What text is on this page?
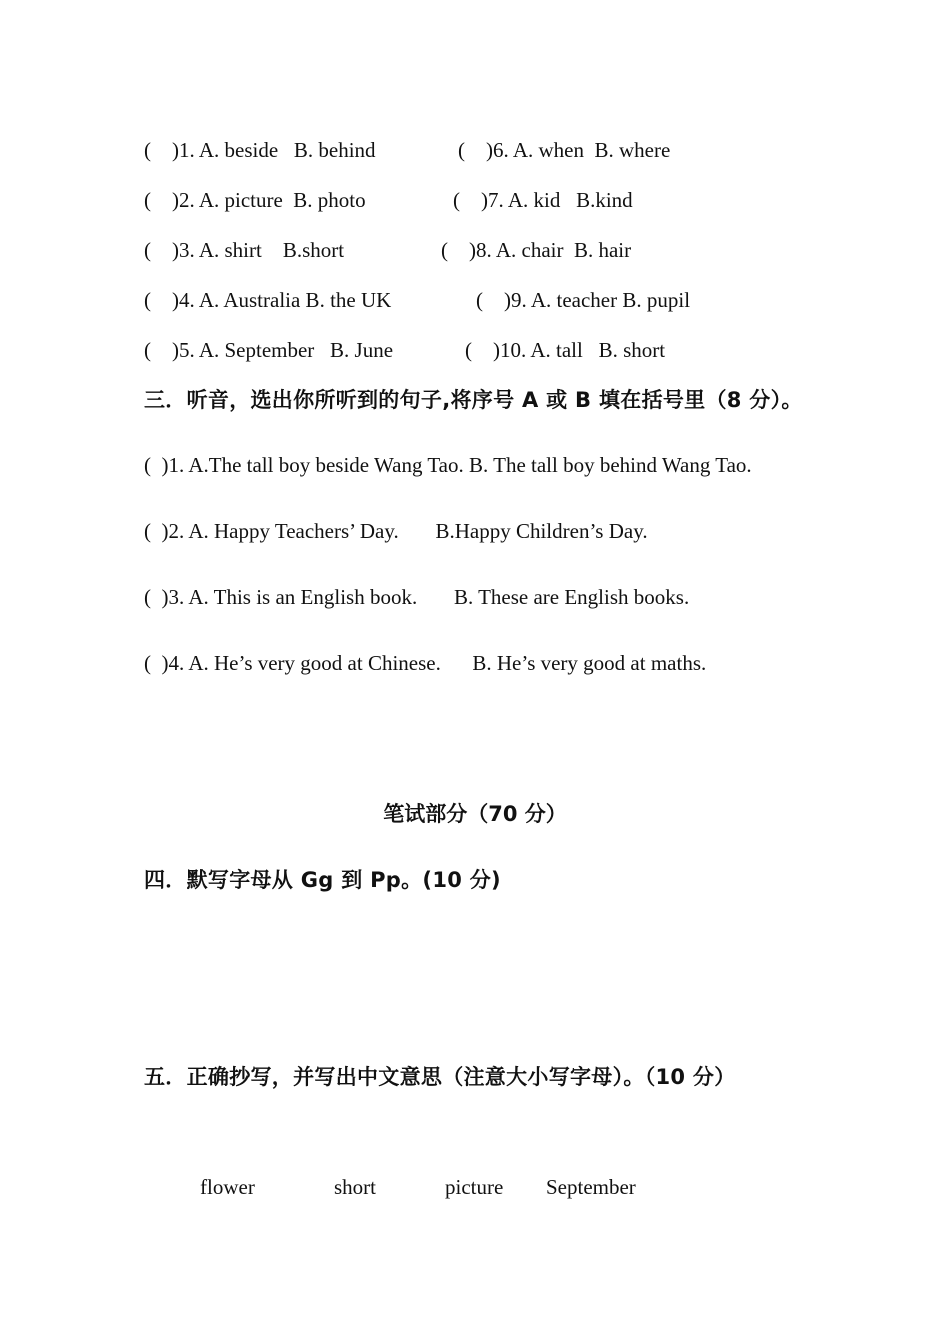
(    )1. A. beside   B. behind	(    )6. A. when  B. where
(    )2. A. picture  B. photo	(    )7. A. kid   B.kind
(    )3. A. shirt    B.short	(    )8. A. chair  B. hair
(    )4. A. Australia B. the UK	(    )9. A. teacher B. pupil
(    )5. A. September   B. June	(    )10. A. tall   B. short
三．听音，选出你所听到的句子,将序号 A 或 B 填在括号里（8 分）。
(  )1. A.The tall boy beside Wang Tao. B. The tall boy behind Wang Tao.
(  )2. A. Happy Teachers’ Day.       B.Happy Children’s Day.
(  )3. A. This is an English book.       B. These are English books.
(  )4. A. He’s very good at Chinese.      B. He’s very good at maths.
笔试部分（70 分）
四．默写字母从 Gg 到 Pp。(10 分)
五．正确抄写，并写出中文意思（注意大小写字母）。（10 分）
flower	short	picture September
